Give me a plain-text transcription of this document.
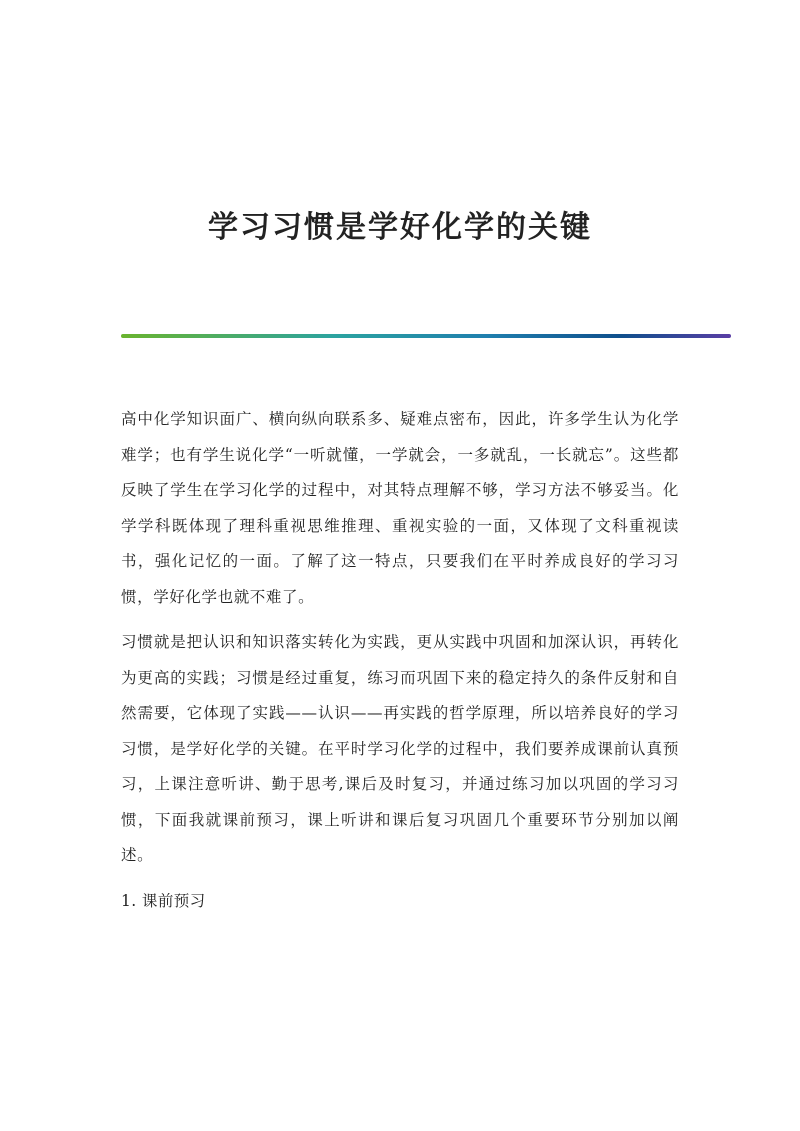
学习习惯是学好化学的关键

高中化学知识面广、横向纵向联系多、疑难点密布，因此，许多学生认为化学难学；也有学生说化学“一听就懂，一学就会，一多就乱，一长就忘”。这些都反映了学生在学习化学的过程中，对其特点理解不够，学习方法不够妥当。化学学科既体现了理科重视思维推理、重视实验的一面，又体现了文科重视读书，强化记忆的一面。了解了这一特点，只要我们在平时养成良好的学习习惯，学好化学也就不难了。

习惯就是把认识和知识落实转化为实践，更从实践中巩固和加深认识，再转化为更高的实践；习惯是经过重复，练习而巩固下来的稳定持久的条件反射和自然需要，它体现了实践——认识——再实践的哲学原理，所以培养良好的学习习惯，是学好化学的关键。在平时学习化学的过程中，我们要养成课前认真预习，上课注意听讲、勤于思考,课后及时复习，并通过练习加以巩固的学习习惯，下面我就课前预习，课上听讲和课后复习巩固几个重要环节分别加以阐述。

1. 课前预习
